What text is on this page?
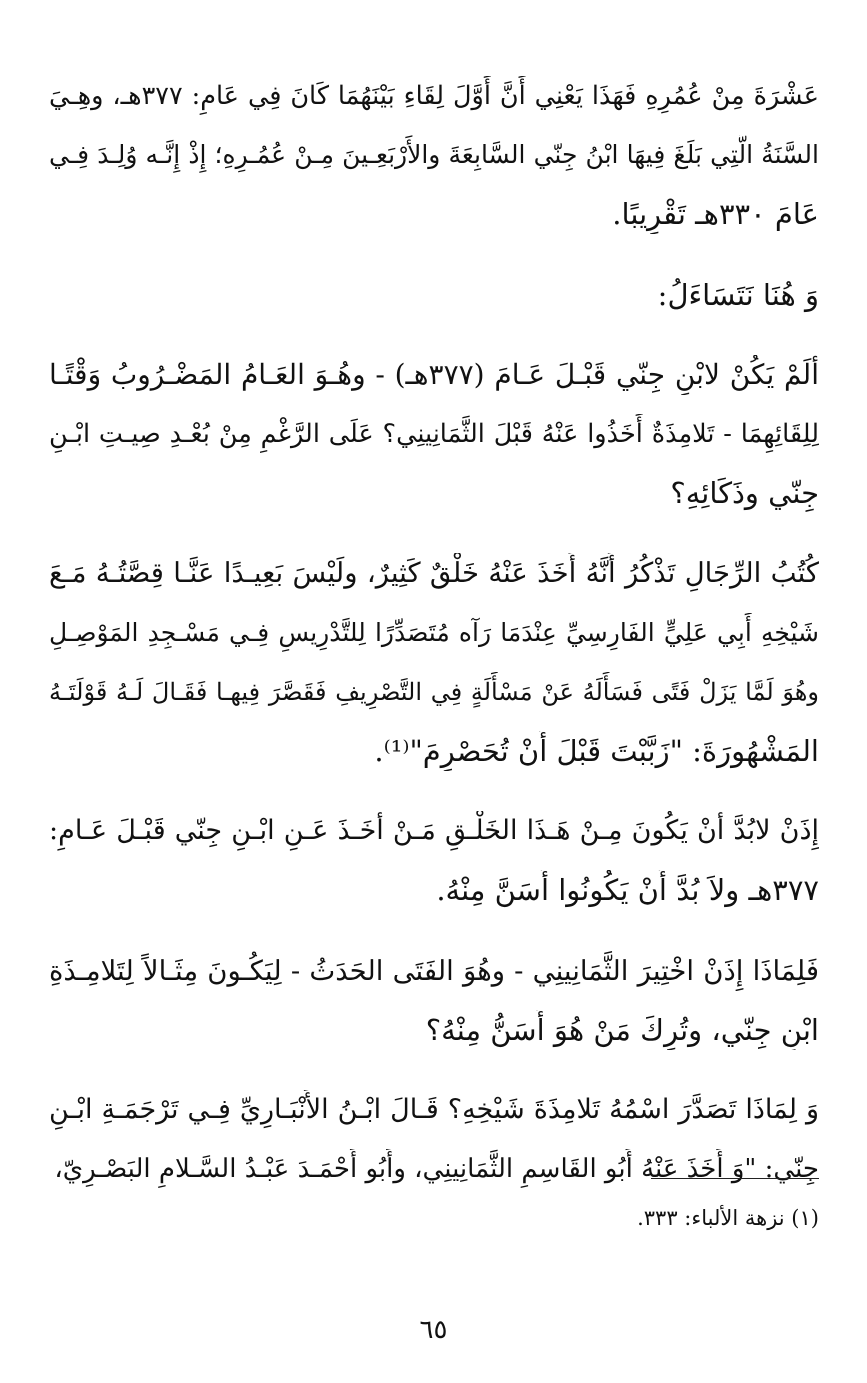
عَشْرَةَ مِنْ عُمُرِهِ فَهَذَا يَعْنِي أَنَّ أَوَّلَ لِقَاءِ بَيْنَهُمَا كَانَ فِي عَامِ: ٣٧٧هـ، وهِـيَ
السَّنَةُ الَّتِي بَلَغَ فِيهَا ابْنُ جِنّي السَّابِعَةَ والأَرْبَعِـينَ مِـنْ عُمُـرِهِ؛ إِذْ إِنَّـه وُلِـدَ فِـي
عَامَ ٣٣٠هـ تَقْرِيبًا.
وَ هُنَا نَتَسَاءَلُ:
أَلَمْ يَكُنْ لابْنِ جِنّي قَبْـلَ عَـامَ (٣٧٧هـ) - وهُـوَ العَـامُ المَضْـرُوبُ وَقْتًـا
لِلِقَائِهِمَا - تَلامِذَةٌ أَخَذُوا عَنْهُ قَبْلَ الثَّمَانِينِي؟ عَلَى الرَّغْمِ مِنْ بُعْـدِ صِيـتِ ابْـنِ
جِنّي وذَكَائِهِ؟
كُتُبُ الرِّجَالِ تَذْكُرُ أَنَّهُ أَخَذَ عَنْهُ خَلْقٌ كَثِيرٌ، ولَيْسَ بَعِيـدًا عَنَّـا قِصَّتُـهُ مَـعَ
شَيْخِهِ أَبِي عَلِيٍّ الفَارِسِيِّ عِنْدَمَا رَآه مُتَصَدِّرًا لِلتَّدْرِيسِ فِـي مَسْـجِدِ المَوْصِـلِ
وهُوَ لَمَّا يَزَلْ فَتًى فَسَأَلَهُ عَنْ مَسْأَلَةٍ فِي التَّصْرِيفِ فَقَصَّرَ فِيهـا فَقَـالَ لَـهُ قَوْلَتَـهُ
المَشْهُورَةَ: "زَبَّبْتَ قَبْلَ أَنْ تُحَصْرِمَ"⁽¹⁾.
إِذَنْ لابُدَّ أَنْ يَكُونَ مِـنْ هَـذَا الخَلْـقِ مَـنْ أَخَـذَ عَـنِ ابْـنِ جِنّي قَبْـلَ عَـامِ:
٣٧٧هـ ولاَ بُدَّ أَنْ يَكُونُوا أَسَنَّ مِنْهُ.
فَلِمَاذَا إِذَنْ اخْتِيرَ الثَّمَانِينِي - وهُوَ الفَتَى الحَدَثُ - لِيَكُـونَ مِثَـالاً لِتَلامِـذَةِ
ابْنِ جِنّي، وتُرِكَ مَنْ هُوَ أَسَنُّ مِنْهُ؟
وَ لِمَاذَا تَصَدَّرَ اسْمُهُ تَلامِذَةَ شَيْخِهِ؟ قَـالَ ابْـنُ الأَنْبَـارِيِّ فِـي تَرْجَمَـةِ ابْـنِ
جِنّي: "وَ أَخَذَ عَنْهُ أَبُو القَاسِمِ الثَّمَانِينِي، وأَبُو أَحْمَـدَ عَبْـدُ السَّـلامِ البَصْـرِيّ،
(١) نزهة الألباء: ٣٣٣.
٦٥
